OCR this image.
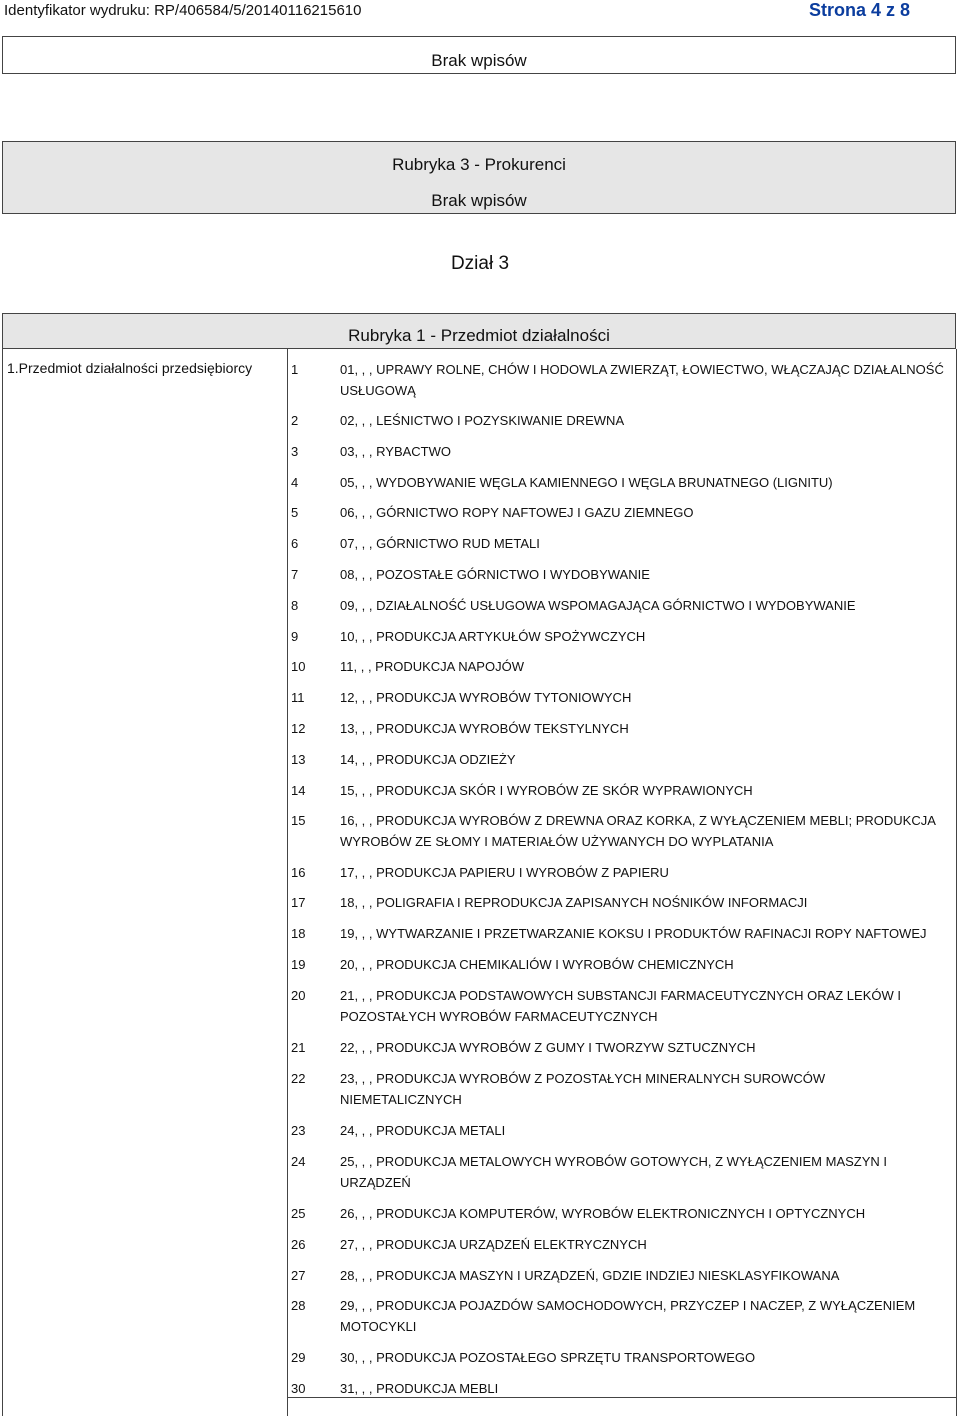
Identyfikator wydruku: RP/406584/5/20140116215610	Strona 4 z 8
Brak wpisów
Rubryka 3 - Prokurenci
Brak wpisów
Dział 3
Rubryka 1 - Przedmiot działalności
1.Przedmiot działalności przedsiębiorcy	1	01, , , UPRAWY ROLNE, CHÓW I HODOWLA ZWIERZĄT, ŁOWIECTWO, WŁĄCZAJĄC DZIAŁALNOŚĆ USŁUGOWĄ
2	02, , , LEŚNICTWO I POZYSKIWANIE DREWNA
3	03, , , RYBACTWO
4	05, , , WYDOBYWANIE WĘGLA KAMIENNEGO I WĘGLA BRUNATNEGO (LIGNITU)
5	06, , , GÓRNICTWO ROPY NAFTOWEJ I GAZU ZIEMNEGO
6	07, , , GÓRNICTWO RUD METALI
7	08, , , POZOSTAŁE GÓRNICTWO I WYDOBYWANIE
8	09, , , DZIAŁALNOŚĆ USŁUGOWA WSPOMAGAJĄCA GÓRNICTWO I WYDOBYWANIE
9	10, , , PRODUKCJA ARTYKUŁÓW SPOŻYWCZYCH
10	11, , , PRODUKCJA NAPOJÓW
11	12, , , PRODUKCJA WYROBÓW TYTONIOWYCH
12	13, , , PRODUKCJA WYROBÓW TEKSTYLNYCH
13	14, , , PRODUKCJA ODZIEŻY
14	15, , , PRODUKCJA SKÓR I WYROBÓW ZE SKÓR WYPRAWIONYCH
15	16, , , PRODUKCJA WYROBÓW Z DREWNA ORAZ KORKA, Z WYŁĄCZENIEM MEBLI; PRODUKCJA WYROBÓW ZE SŁOMY I MATERIAŁÓW UŻYWANYCH DO WYPLATANIA
16	17, , , PRODUKCJA PAPIERU I WYROBÓW Z PAPIERU
17	18, , , POLIGRAFIA I REPRODUKCJA ZAPISANYCH NOŚNIKÓW INFORMACJI
18	19, , , WYTWARZANIE I PRZETWARZANIE KOKSU I PRODUKTÓW RAFINACJI ROPY NAFTOWEJ
19	20, , , PRODUKCJA CHEMIKALIÓW I WYROBÓW CHEMICZNYCH
20	21, , , PRODUKCJA PODSTAWOWYCH SUBSTANCJI FARMACEUTYCZNYCH ORAZ LEKÓW I POZOSTAŁYCH WYROBÓW FARMACEUTYCZNYCH
21	22, , , PRODUKCJA WYROBÓW Z GUMY I TWORZYW SZTUCZNYCH
22	23, , , PRODUKCJA WYROBÓW Z POZOSTAŁYCH MINERALNYCH SUROWCÓW NIEMETALICZNYCH
23	24, , , PRODUKCJA METALI
24	25, , , PRODUKCJA METALOWYCH WYROBÓW GOTOWYCH, Z WYŁĄCZENIEM MASZYN I URZĄDZEŃ
25	26, , , PRODUKCJA KOMPUTERÓW, WYROBÓW ELEKTRONICZNYCH I OPTYCZNYCH
26	27, , , PRODUKCJA URZĄDZEŃ ELEKTRYCZNYCH
27	28, , , PRODUKCJA MASZYN I URZĄDZEŃ, GDZIE INDZIEJ NIESKLASYFIKOWANA
28	29, , , PRODUKCJA POJAZDÓW SAMOCHODOWYCH, PRZYCZEP I NACZEP, Z WYŁĄCZENIEM MOTOCYKLI
29	30, , , PRODUKCJA POZOSTAŁEGO SPRZĘTU TRANSPORTOWEGO
30	31, , , PRODUKCJA MEBLI
